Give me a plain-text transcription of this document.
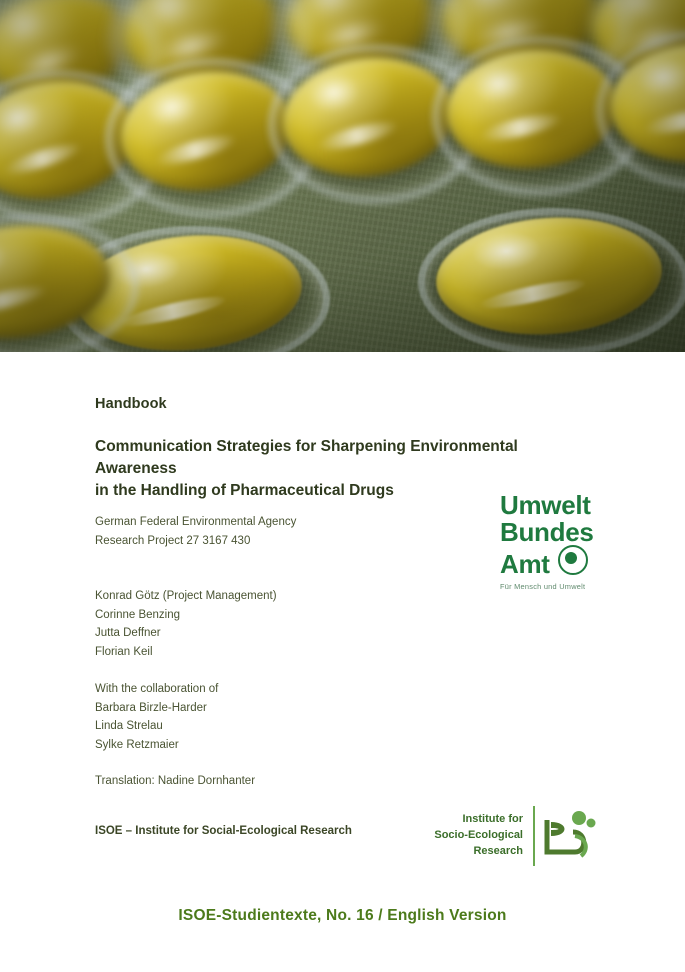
Handbook
Communication Strategies for Sharpening Environmental Awareness
in the Handling of Pharmaceutical Drugs
German Federal Environmental Agency
Research Project 27 3167 430
Konrad Götz (Project Management)
Corinne Benzing
Jutta Deffner
Florian Keil
With the collaboration of
Barbara Birzle-Harder
Linda Strelau
Sylke Retzmaier
Translation: Nadine Dornhanter
ISOE – Institute for Social-Ecological Research
ISOE-Studientexte, No. 16 / English Version
Umwelt
Bundes
Amt
Für Mensch und Umwelt
Institute for
Socio-Ecological
Research
